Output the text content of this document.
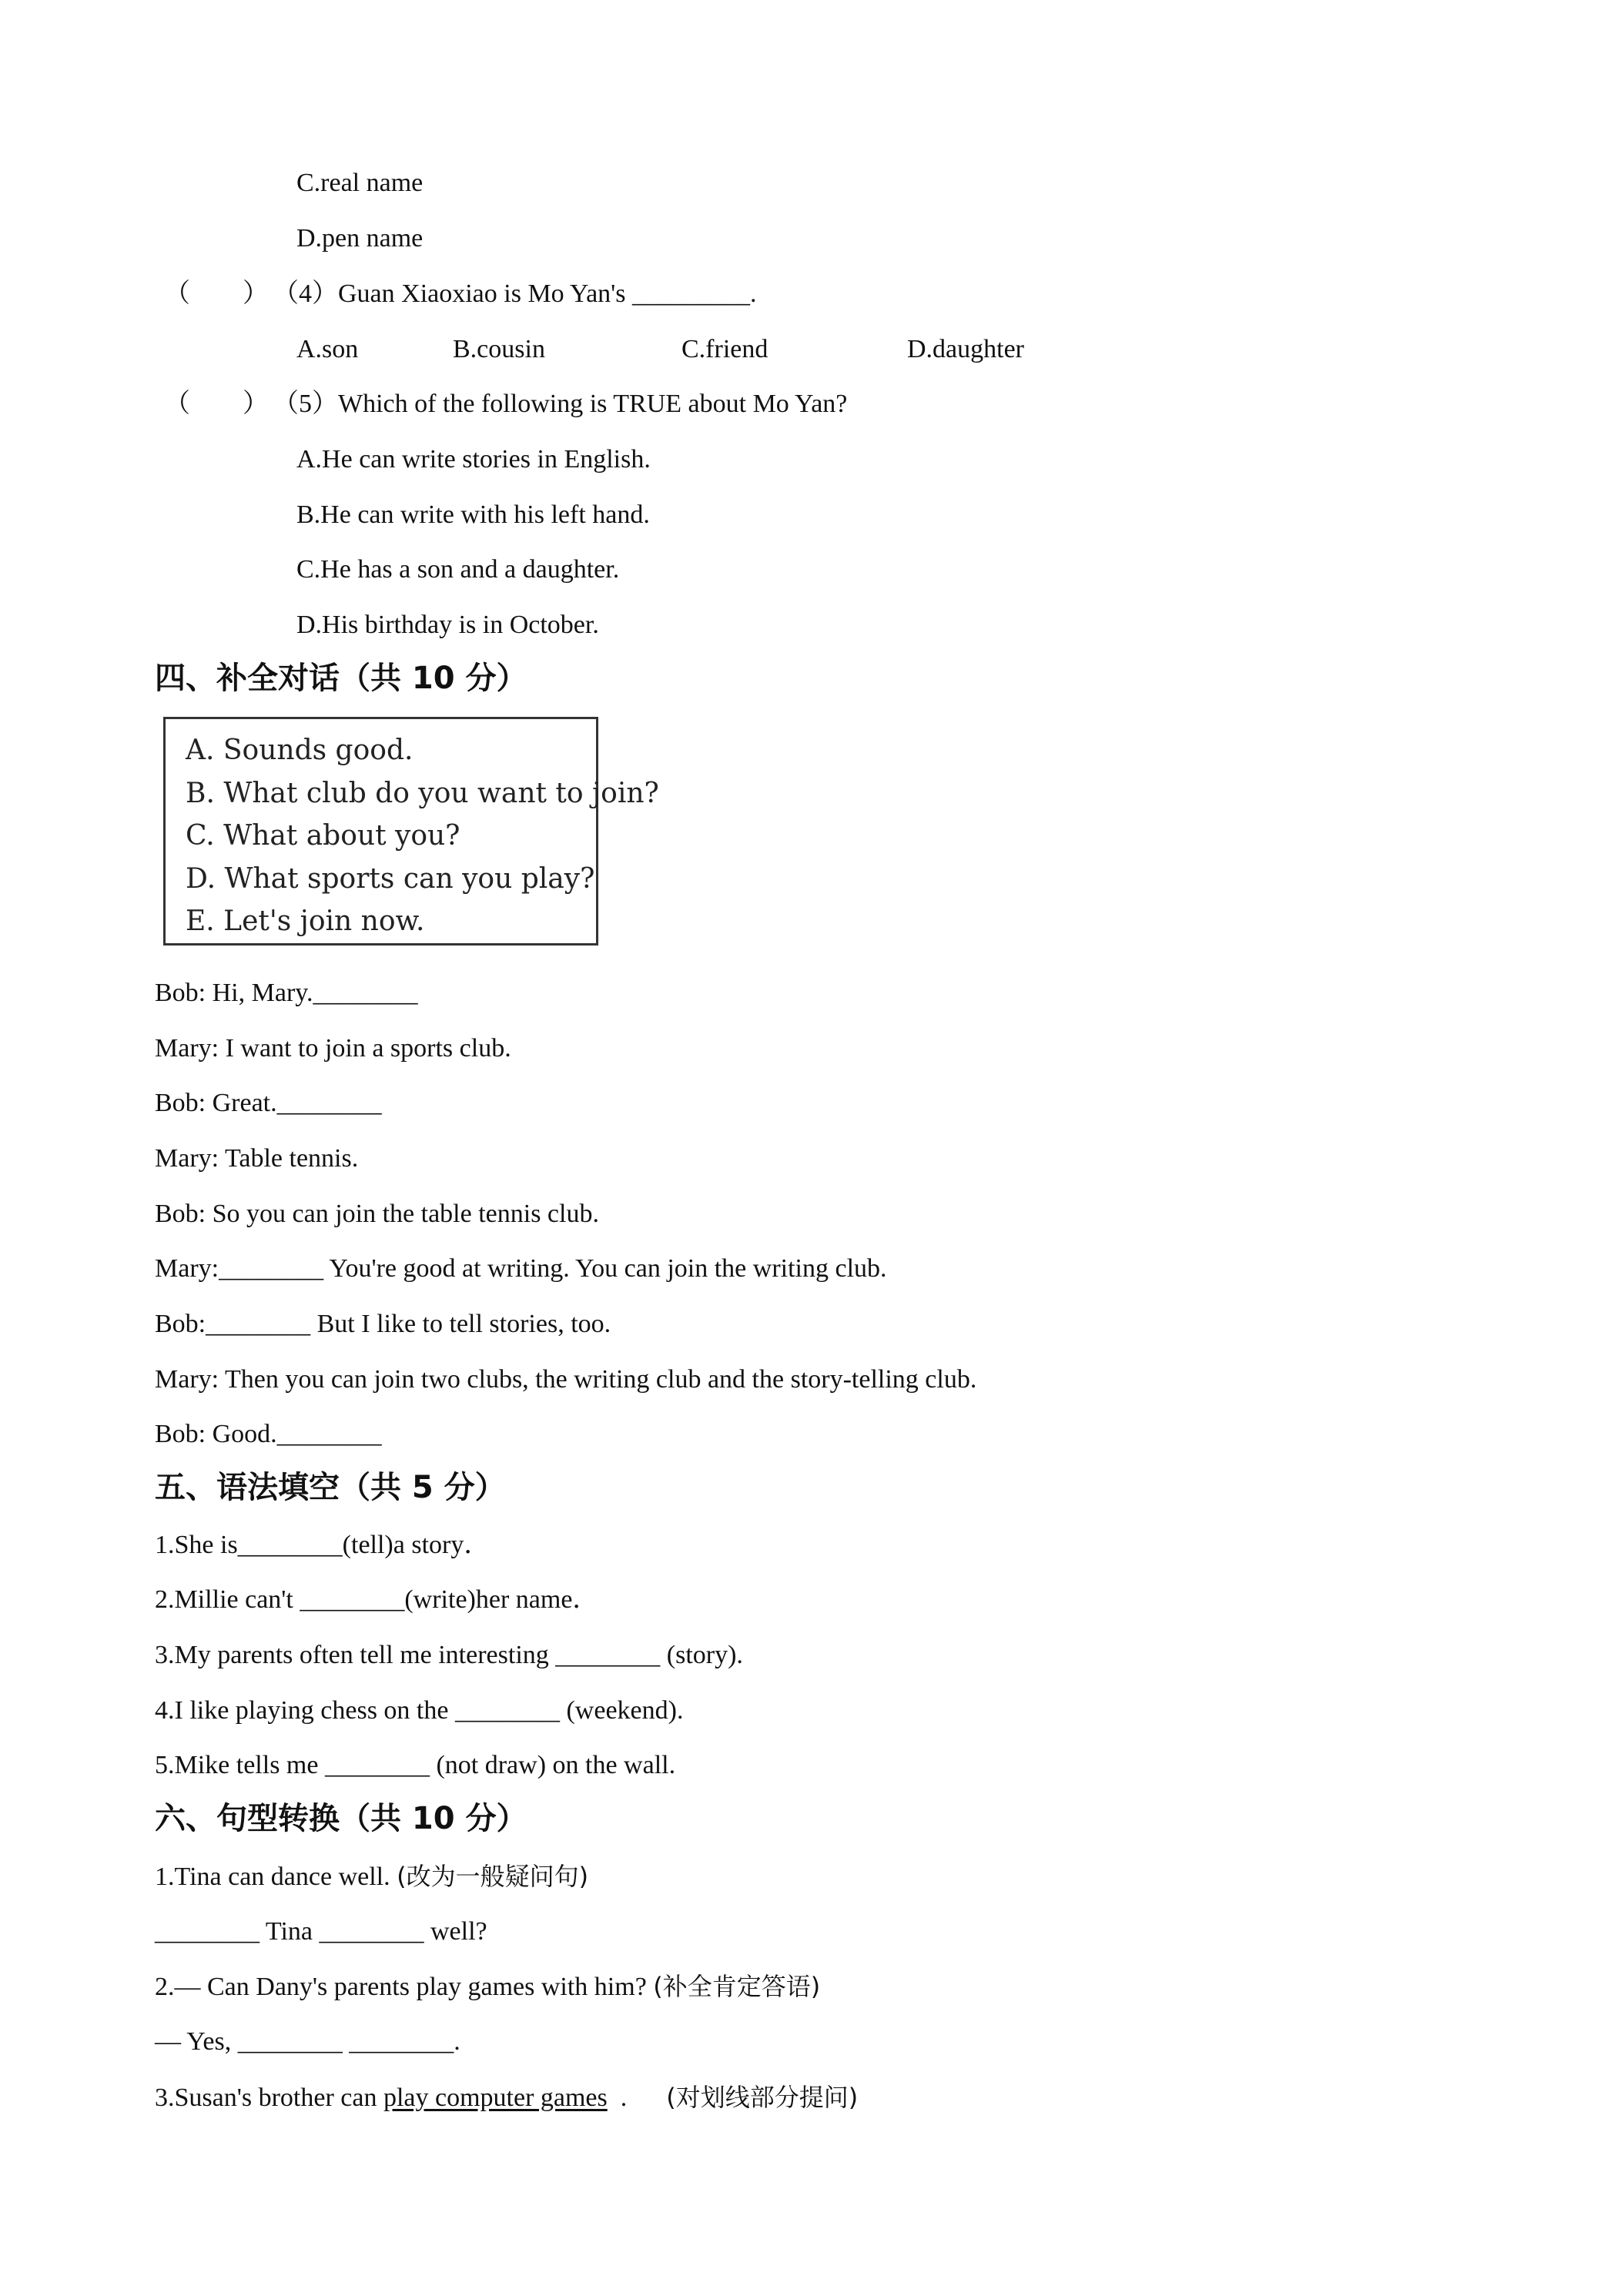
C.real name
D.pen name
（　　） （4）Guan Xiaoxiao is Mo Yan's _________.
A.son	B.cousin	C.friend	D.daughter
（　　） （5）Which of the following is TRUE about Mo Yan?
A.He can write stories in English.
B.He can write with his left hand.
C.He has a son and a daughter.
D.His birthday is in October.
四、补全对话（共 10 分）
A. Sounds good.
B. What club do you want to join?
C. What about you?
D. What sports can you play?
E. Let's join now.
Bob: Hi, Mary.________
Mary: I want to join a sports club.
Bob: Great.________
Mary: Table tennis.
Bob: So you can join the table tennis club.
Mary:________ You're good at writing. You can join the writing club.
Bob:________ But I like to tell stories, too.
Mary: Then you can join two clubs, the writing club and the story-telling club.
Bob: Good.________
五、语法填空（共 5 分）
1.She is________(tell)a story．
2.Millie can't ________(write)her name．
3.My parents often tell me interesting ________ (story).
4.I like playing chess on the ________ (weekend).
5.Mike tells me ________ (not draw) on the wall.
六、句型转换（共 10 分）
1.Tina can dance well. (改为一般疑问句)
________ Tina ________ well?
2.— Can Dany's parents play games with him? (补全肯定答语)
— Yes, ________ ________.
3.Susan's brother can play computer games  .　  (对划线部分提问)
